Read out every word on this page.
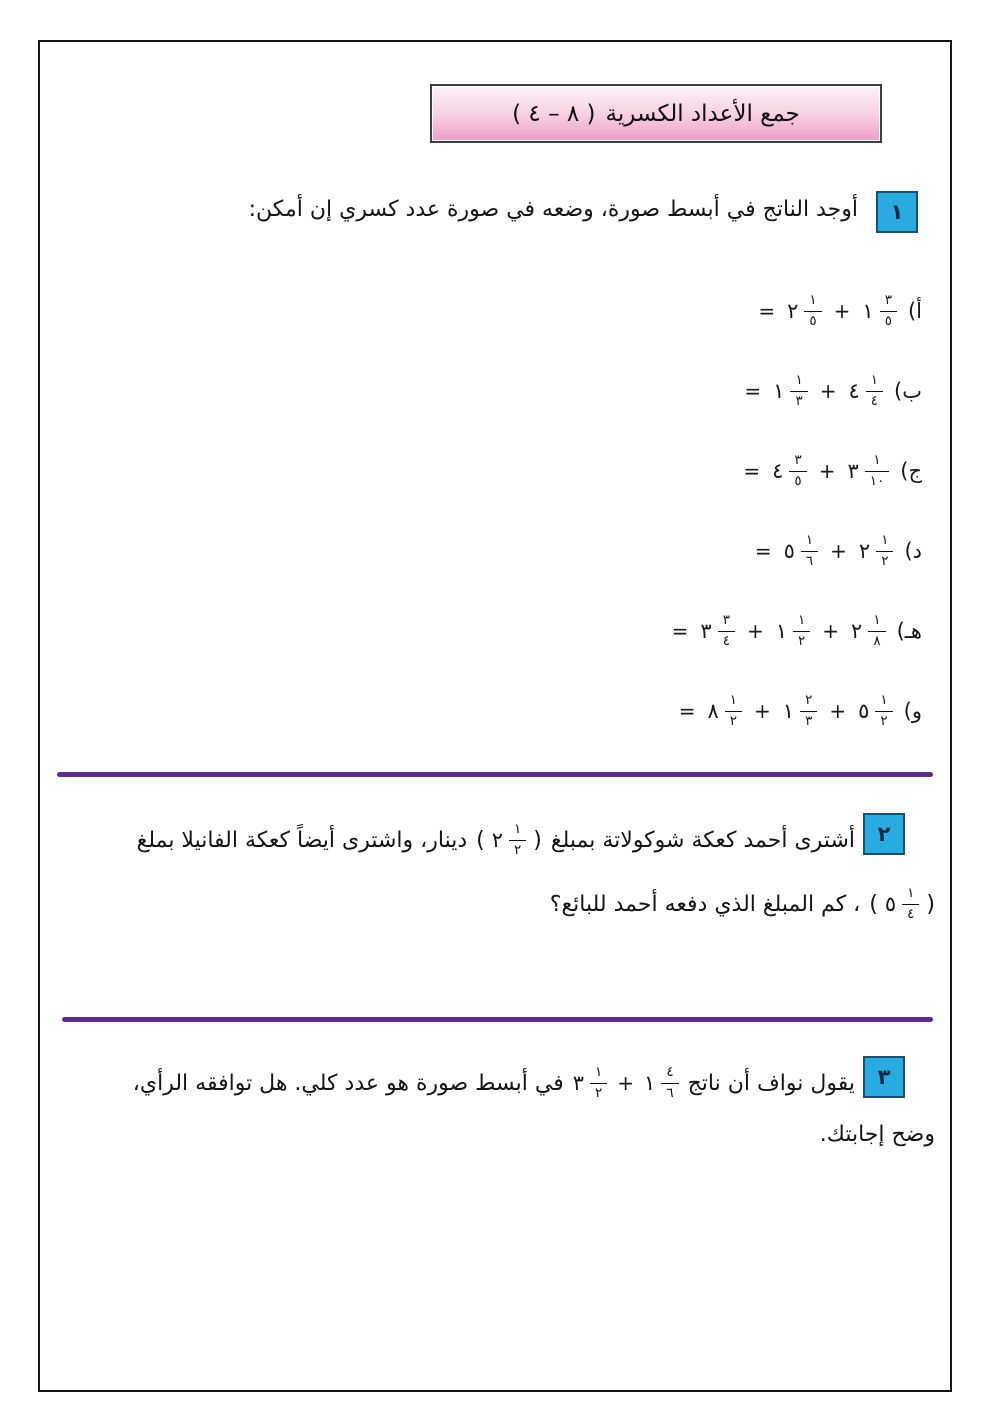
جمع الأعداد الكسرية
( ٨ – ٤ )
١
أوجد الناتج في أبسط صورة، وضعه في صورة عدد كسري إن أمكن:
أ)
١ $\frac{٣}{٥}$
+
٢ $\frac{١}{٥}$
=
ب)
٤ $\frac{١}{٤}$
+
١ $\frac{١}{٣}$
=
ج)
٣ $\frac{١}{١٠}$
+
٤ $\frac{٣}{٥}$
=
د)
٢ $\frac{١}{٢}$
+
٥ $\frac{١}{٦}$
=
هـ)
٢ $\frac{١}{٨}$
+
١ $\frac{١}{٢}$
+
٣ $\frac{٣}{٤}$
=
و)
٥ $\frac{١}{٢}$
+
١ $\frac{٢}{٣}$
+
٨ $\frac{١}{٢}$
=
٢
أشترى أحمد كعكة شوكولاتة بمبلغ
( ٢ $\frac{١}{٢}$ )
دينار، واشترى أيضاً كعكة الفانيلا بملغ
( ٥ $\frac{١}{٤}$ )
، كم المبلغ الذي دفعه أحمد للبائع؟
٣
يقول نواف أن ناتج
١ $\frac{٤}{٦}$
+
٣ $\frac{١}{٢}$
في أبسط صورة هو عدد كلي. هل توافقه الرأي،
وضح إجابتك.
